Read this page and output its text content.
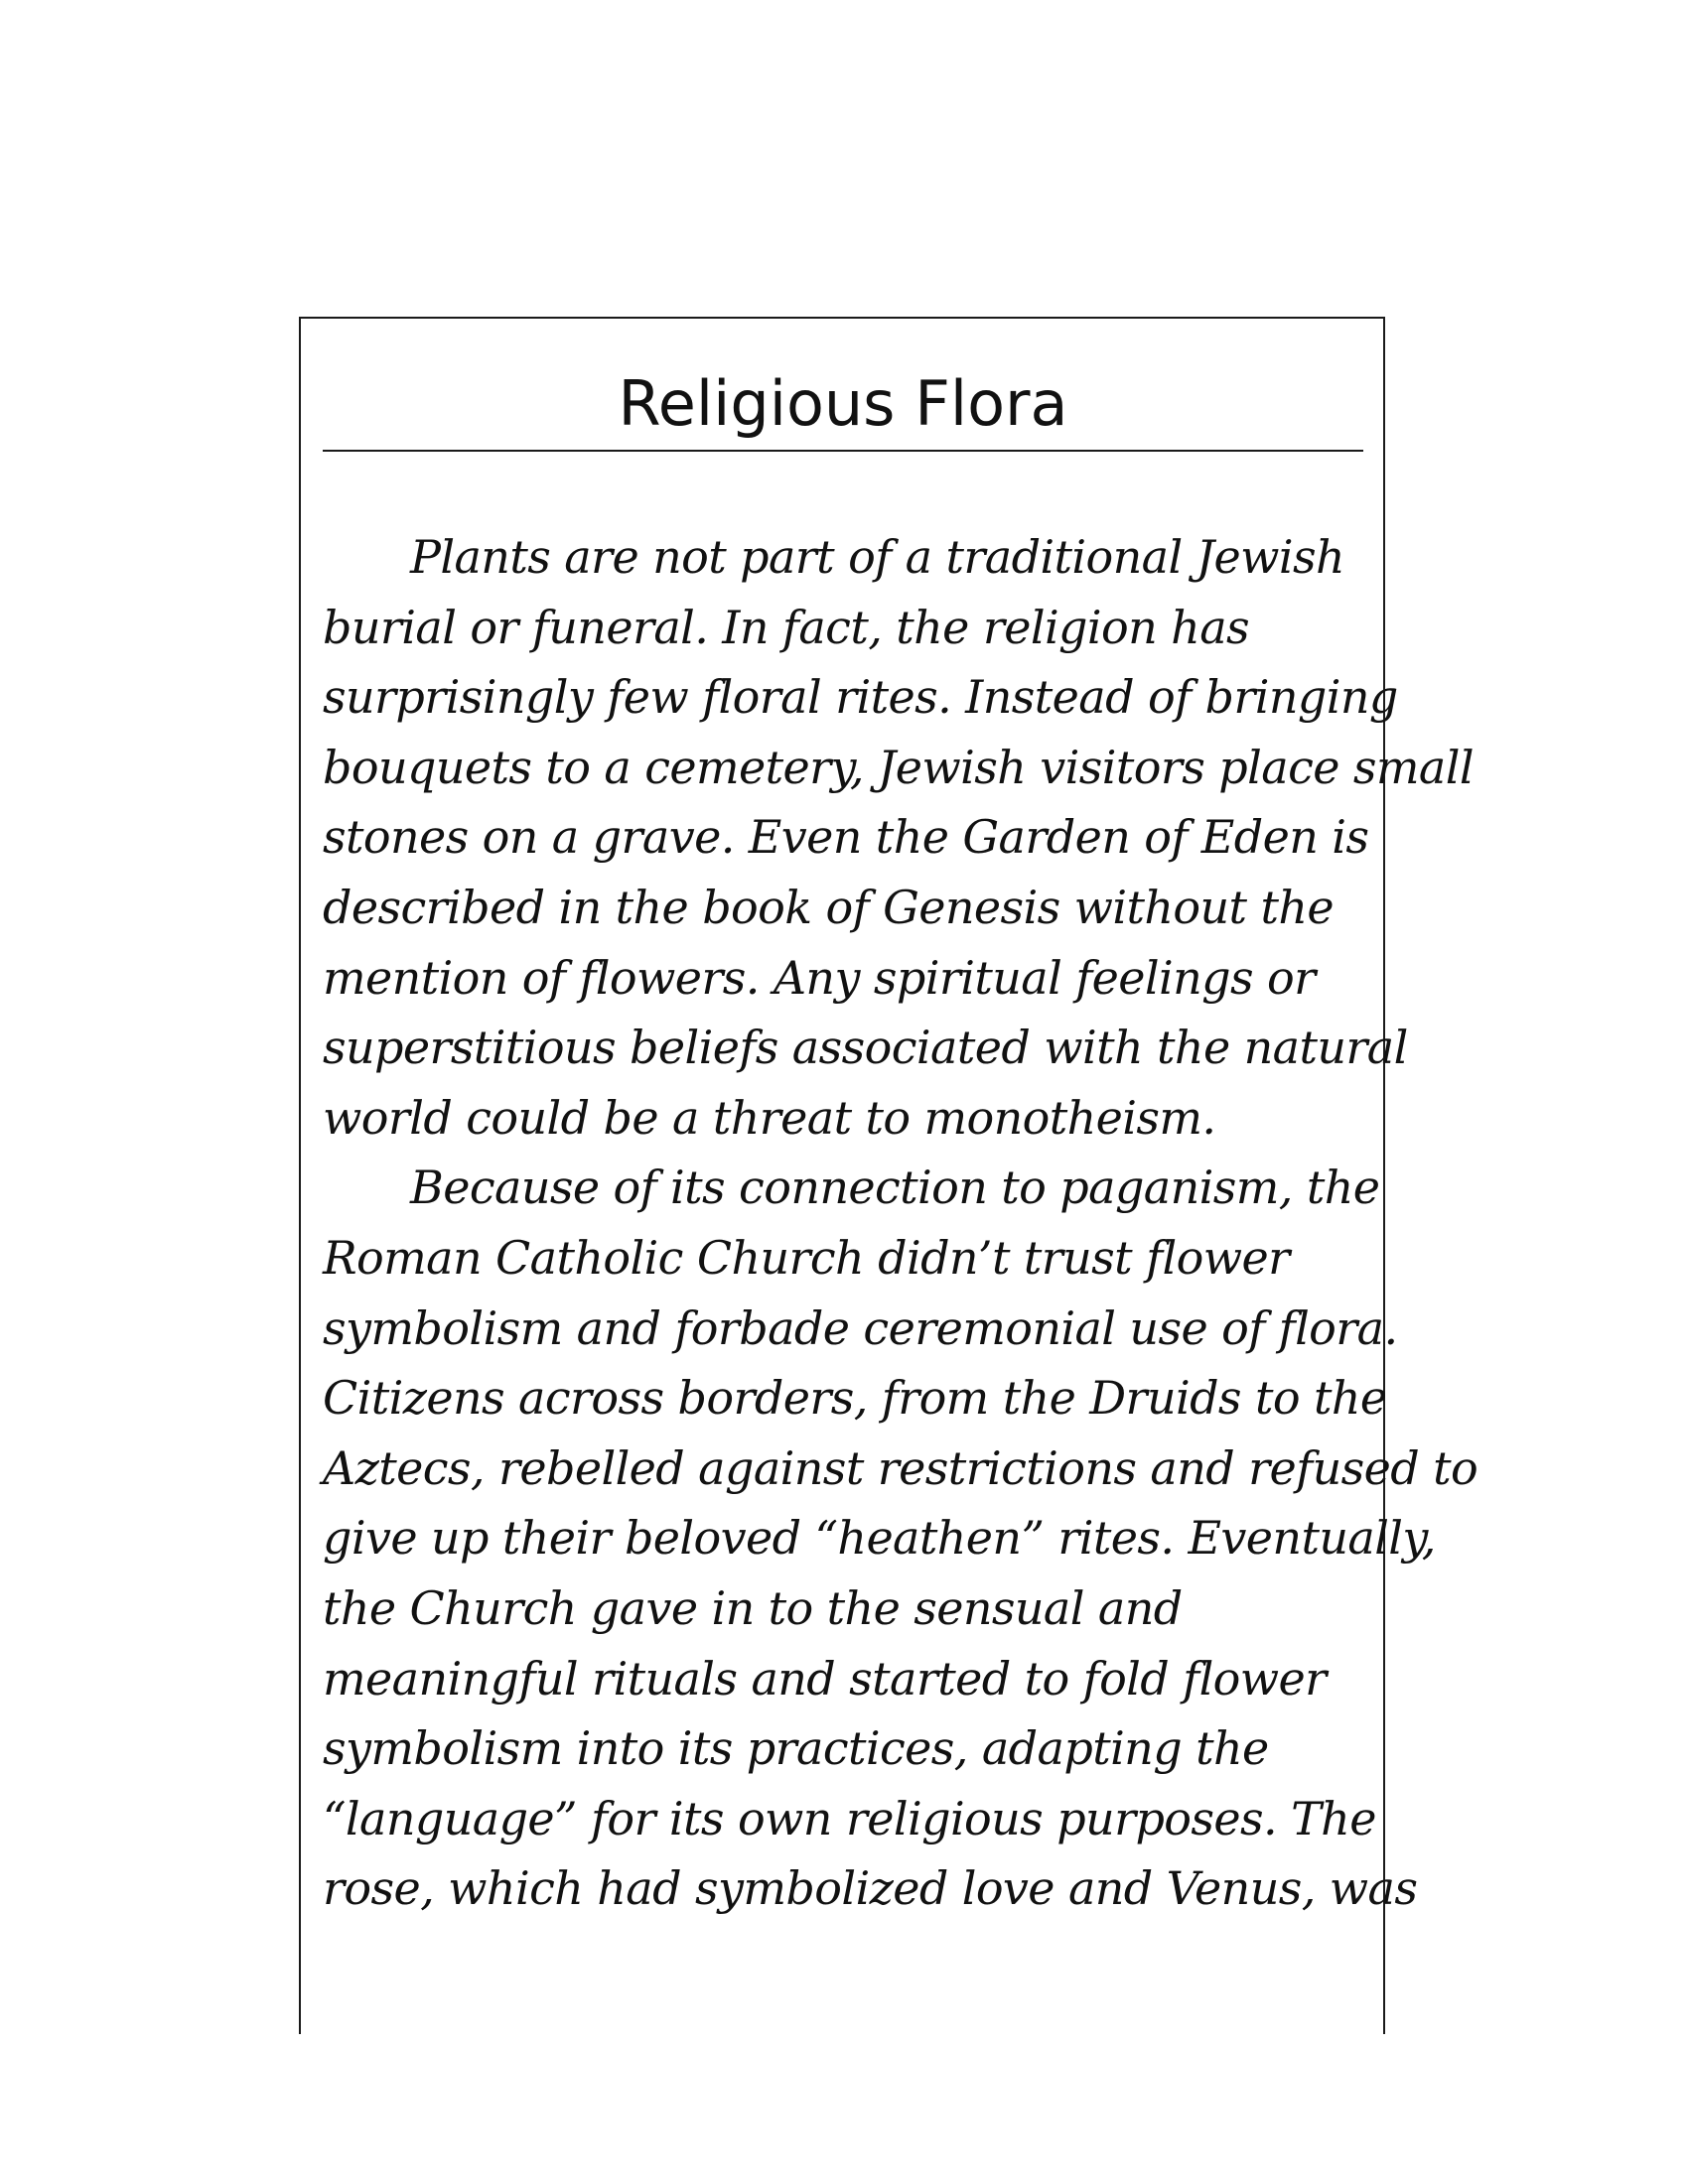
Religious Flora
Plants are not part of a traditional Jewish
burial or funeral. In fact, the religion has
surprisingly few floral rites. Instead of bringing
bouquets to a cemetery, Jewish visitors place small
stones on a grave. Even the Garden of Eden is
described in the book of Genesis without the
mention of flowers. Any spiritual feelings or
superstitious beliefs associated with the natural
world could be a threat to monotheism.
Because of its connection to paganism, the
Roman Catholic Church didn’t trust flower
symbolism and forbade ceremonial use of flora.
Citizens across borders, from the Druids to the
Aztecs, rebelled against restrictions and refused to
give up their beloved “heathen” rites. Eventually,
the Church gave in to the sensual and
meaningful rituals and started to fold flower
symbolism into its practices, adapting the
“language” for its own religious purposes. The
rose, which had symbolized love and Venus, was
